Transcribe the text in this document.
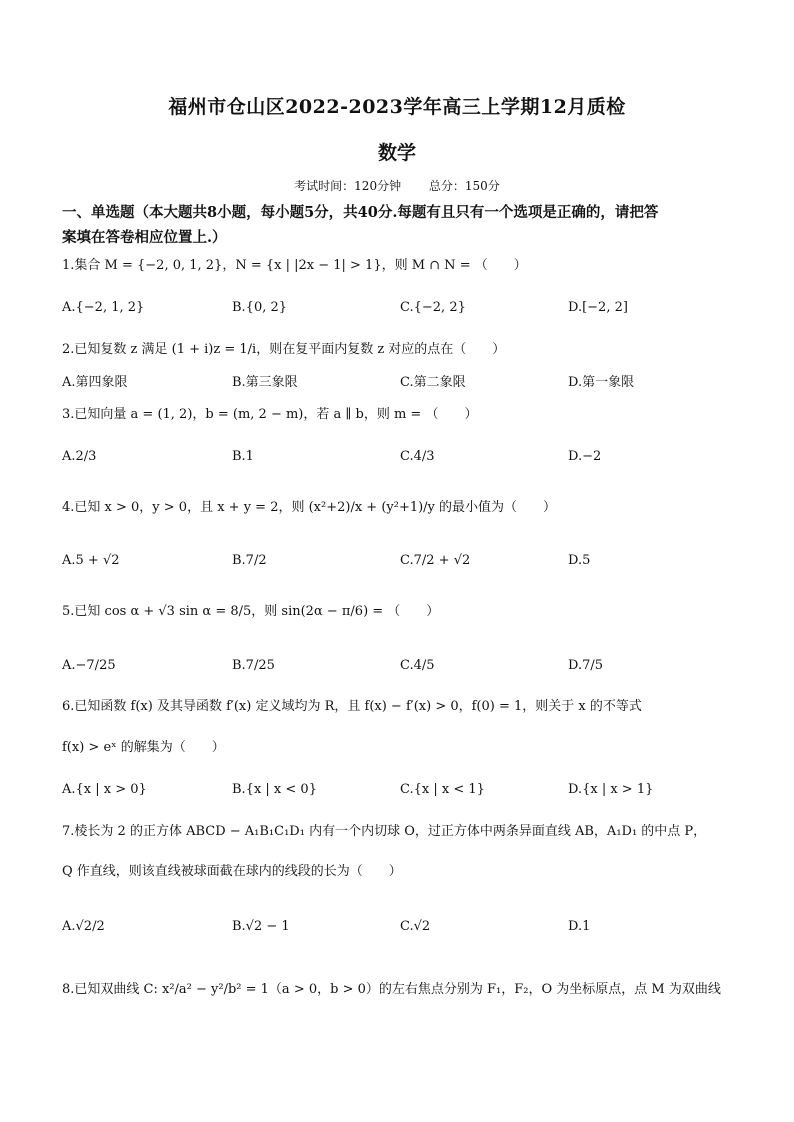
福州市仓山区2022-2023学年高三上学期12月质检
数学
考试时间：120分钟 总分：150分
一、单选题（本大题共8小题，每小题5分，共40分.每题有且只有一个选项是正确的，请把答
案填在答卷相应位置上.）
1.集合 M = {−2, 0, 1, 2}，N = {x | |2x − 1| > 1}，则 M ∩ N = （　　）
A.{−2, 1, 2}	B.{0, 2}	C.{−2, 2}	D.[−2, 2]
2.已知复数 z 满足 (1 + i)z = 1/i，则在复平面内复数 z 对应的点在（　　）
A.第四象限	B.第三象限	C.第二象限	D.第一象限
3.已知向量 a = (1, 2)，b = (m, 2 − m)，若 a ∥ b，则 m = （　　）
A.2/3	B.1	C.4/3	D.−2
4.已知 x > 0，y > 0，且 x + y = 2，则 (x²+2)/x + (y²+1)/y 的最小值为（　　）
A.5 + √2	B.7/2	C.7/2 + √2	D.5
5.已知 cos α + √3 sin α = 8/5，则 sin(2α − π/6) = （　　）
A.−7/25	B.7/25	C.4/5	D.7/5
6.已知函数 f(x) 及其导函数 f′(x) 定义域均为 R，且 f(x) − f′(x) > 0，f(0) = 1，则关于 x 的不等式
f(x) > eˣ 的解集为（　　）
A.{x | x > 0}	B.{x | x < 0}	C.{x | x < 1}	D.{x | x > 1}
7.棱长为 2 的正方体 ABCD − A₁B₁C₁D₁ 内有一个内切球 O，过正方体中两条异面直线 AB，A₁D₁ 的中点 P，
Q 作直线，则该直线被球面截在球内的线段的长为（　　）
A.√2/2	B.√2 − 1	C.√2	D.1
8.已知双曲线 C: x²/a² − y²/b² = 1（a > 0，b > 0）的左右焦点分别为 F₁，F₂，O 为坐标原点，点 M 为双曲线
